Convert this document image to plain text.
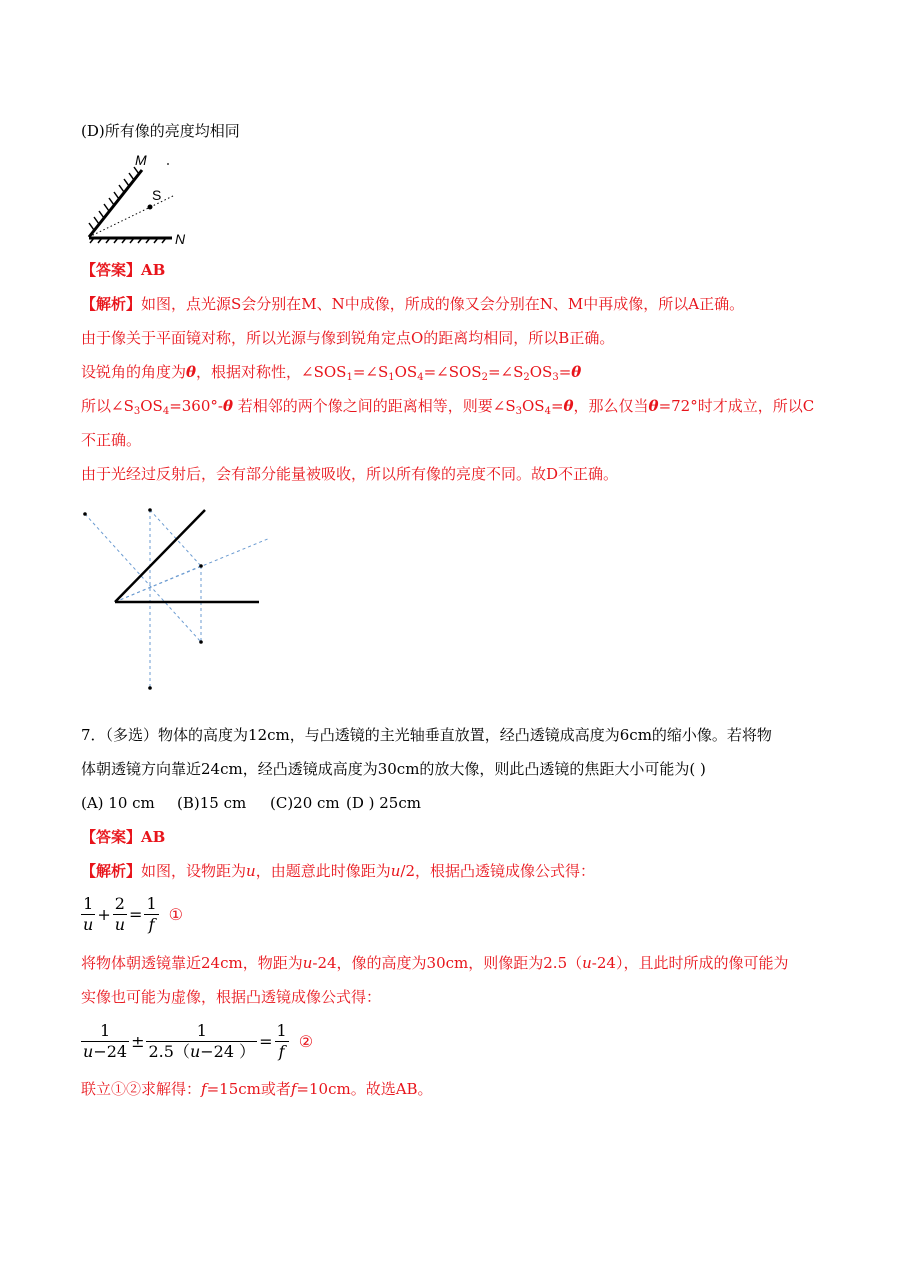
(D)所有像的亮度均相同
M
S
N
【答案】AB
【解析】如图，点光源S会分别在M、N中成像，所成的像又会分别在N、M中再成像，所以A正确。
由于像关于平面镜对称，所以光源与像到锐角定点O的距离均相同，所以B正确。
设锐角的角度为θ，根据对称性，$\angle SOS_1=\angle S_1OS_4=\angle SOS_2=\angle S_2OS_3=\theta$
所以$\angle S_3OS_4=360^\circ-\theta$ 若相邻的两个像之间的距离相等，则要$\angle S_3OS_4=\theta$，那么仅当θ=72°时才成立，所以C
不正确。
由于光经过反射后，会有部分能量被吸收，所以所有像的亮度不同。故D不正确。
7．（多选）物体的高度为12cm，与凸透镜的主光轴垂直放置，经凸透镜成高度为6cm的缩小像。若将物
体朝透镜方向靠近24cm，经凸透镜成高度为30cm的放大像，则此凸透镜的焦距大小可能为( )
(A) 10 cm (B)15 cm (C)20 cm (D ) 25cm
【答案】AB
【解析】如图，设物距为u，由题意此时像距为u/2，根据凸透镜成像公式得：
$\frac{1}{u} + \frac{2}{u} = \frac{1}{f}$ ①
将物体朝透镜靠近24cm，物距为u-24，像的高度为30cm，则像距为2.5（u-24），且此时所成的像可能为
实像也可能为虚像，根据凸透镜成像公式得：
$\frac{1}{u-24} \pm \frac{1}{2.5(u-24 )} = \frac{1}{f}$ ②
联立①②求解得：f=15cm或者f=10cm。故选AB。
